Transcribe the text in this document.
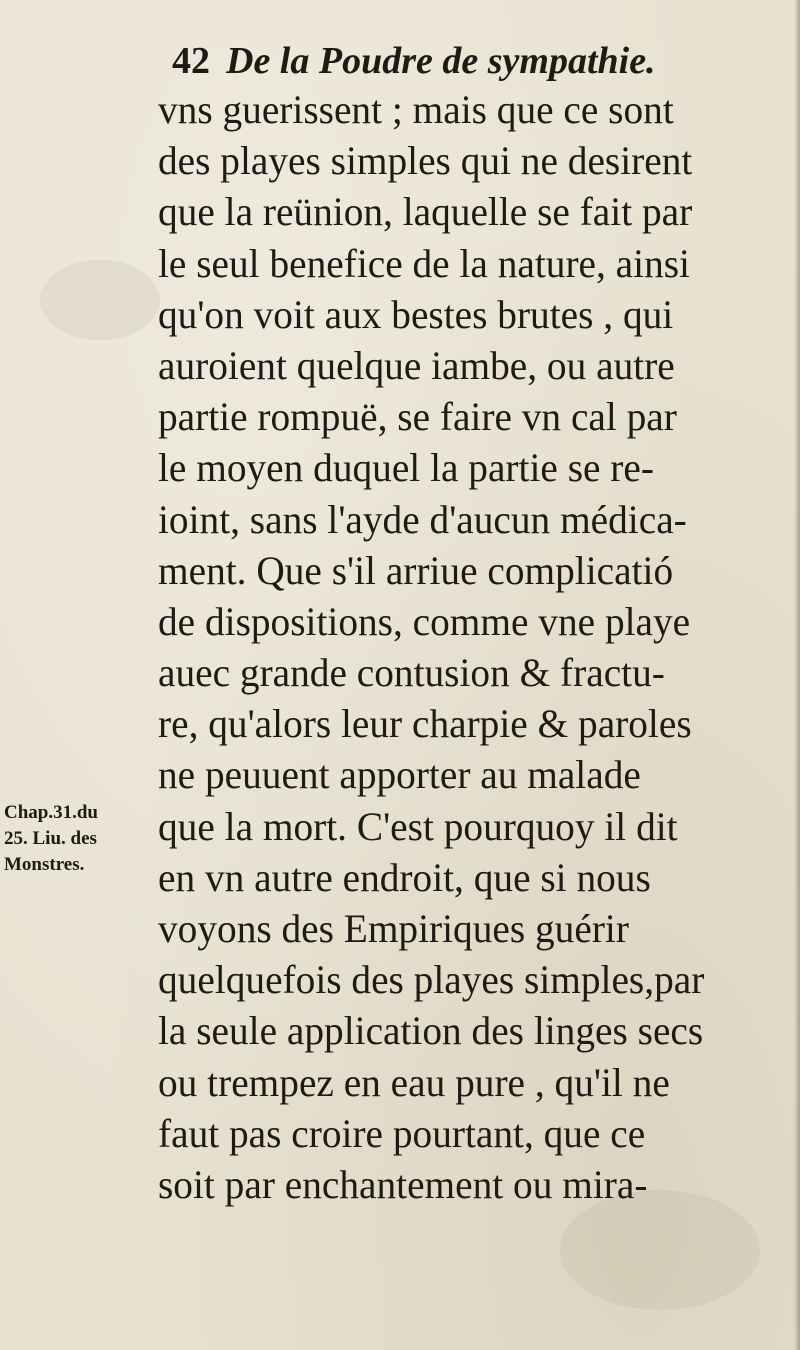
42 De la Poudre de sympathie.
Chap.31.du
25. Liu. des
Monstres.
vns guerissent ; mais que ce sont
des playes simples qui ne desirent
que la reünion, laquelle se fait par
le seul benefice de la nature, ainsi
qu'on voit aux bestes brutes , qui
auroient quelque iambe, ou autre
partie rompuë, se faire vn cal par
le moyen duquel la partie se re-
ioint, sans l'ayde d'aucun médica-
ment. Que s'il arriue complicatió
de dispositions, comme vne playe
auec grande contusion & fractu-
re, qu'alors leur charpie & paroles
ne peuuent apporter au malade
que la mort. C'est pourquoy il dit
en vn autre endroit, que si nous
voyons des Empiriques guérir
quelquefois des playes simples,par
la seule application des linges secs
ou trempez en eau pure , qu'il ne
faut pas croire pourtant, que ce
soit par enchantement ou mira-
